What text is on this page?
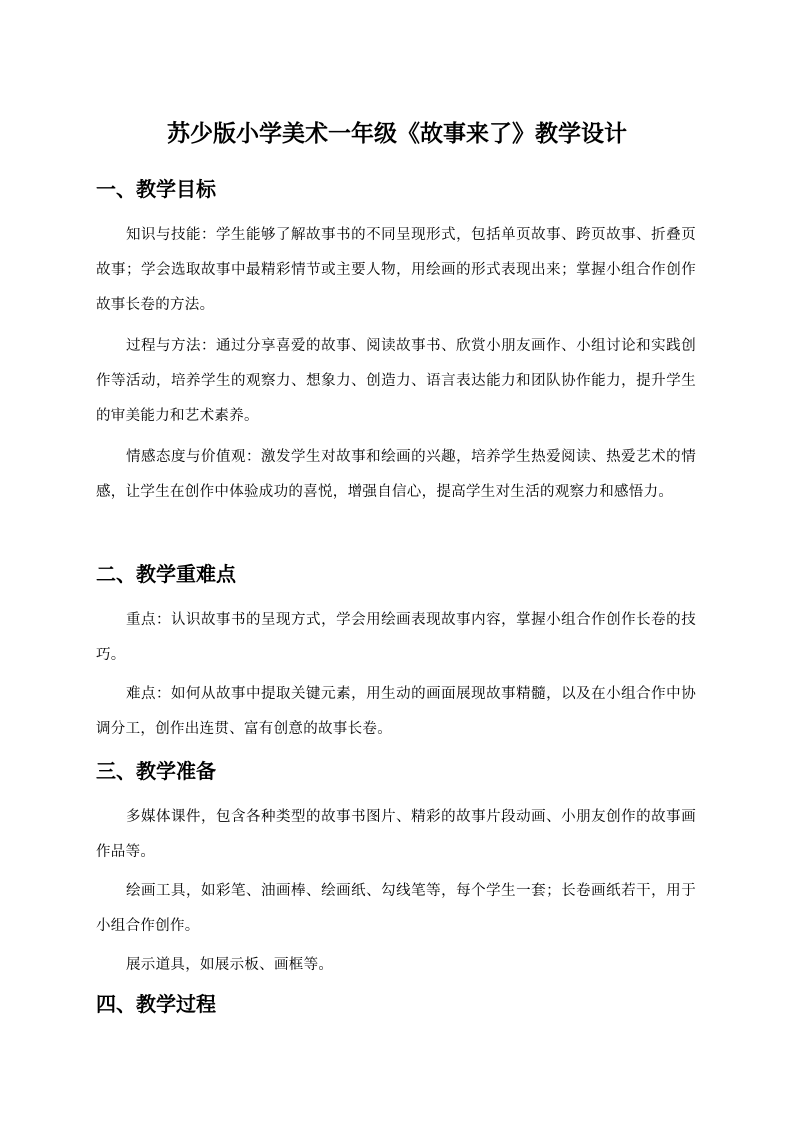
苏少版小学美术一年级《故事来了》教学设计
一、教学目标

知识与技能：学生能够了解故事书的不同呈现形式，包括单页故事、跨页故事、折叠页故事；学会选取故事中最精彩情节或主要人物，用绘画的形式表现出来；掌握小组合作创作故事长卷的方法。

过程与方法：通过分享喜爱的故事、阅读故事书、欣赏小朋友画作、小组讨论和实践创作等活动，培养学生的观察力、想象力、创造力、语言表达能力和团队协作能力，提升学生的审美能力和艺术素养。

情感态度与价值观：激发学生对故事和绘画的兴趣，培养学生热爱阅读、热爱艺术的情感，让学生在创作中体验成功的喜悦，增强自信心，提高学生对生活的观察力和感悟力。

二、教学重难点

重点：认识故事书的呈现方式，学会用绘画表现故事内容，掌握小组合作创作长卷的技巧。

难点：如何从故事中提取关键元素，用生动的画面展现故事精髓，以及在小组合作中协调分工，创作出连贯、富有创意的故事长卷。

三、教学准备

多媒体课件，包含各种类型的故事书图片、精彩的故事片段动画、小朋友创作的故事画作品等。

绘画工具，如彩笔、油画棒、绘画纸、勾线笔等，每个学生一套；长卷画纸若干，用于小组合作创作。

展示道具，如展示板、画框等。

四、教学过程
